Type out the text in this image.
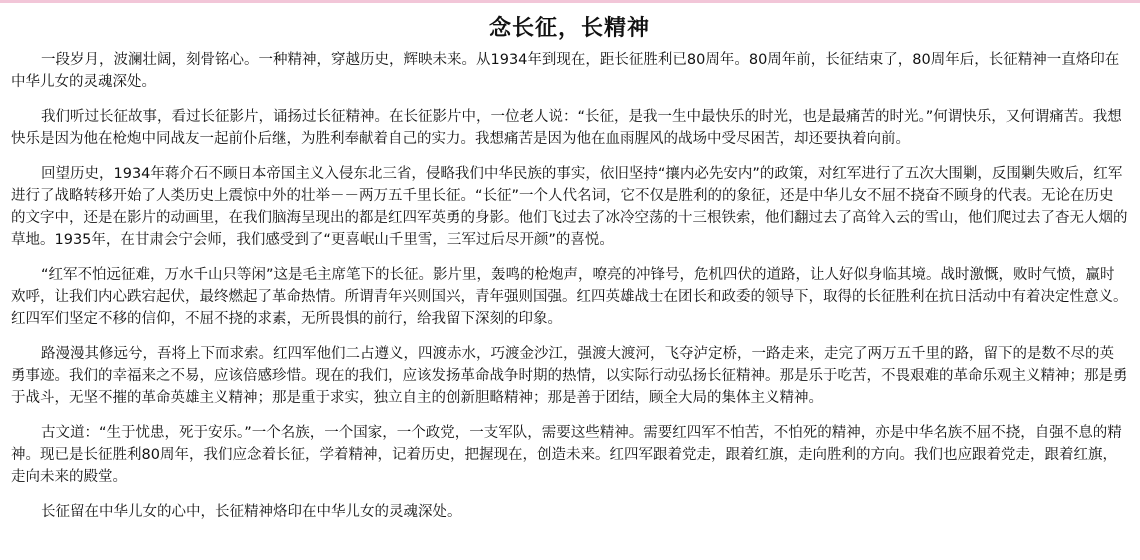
念长征，长精神

一段岁月，波澜壮阔，刻骨铭心。一种精神，穿越历史，辉映未来。从1934年到现在，距长征胜利已80周年。80周年前，长征结束了，80周年后，长征精神一直烙印在中华儿女的灵魂深处。

我们听过长征故事，看过长征影片，诵扬过长征精神。在长征影片中，一位老人说：“长征，是我一生中最快乐的时光，也是最痛苦的时光。”何谓快乐，又何谓痛苦。我想快乐是因为他在枪炮中同战友一起前仆后继，为胜利奉献着自己的实力。我想痛苦是因为他在血雨腥风的战场中受尽困苦，却还要执着向前。

回望历史，1934年蒋介石不顾日本帝国主义入侵东北三省，侵略我们中华民族的事实，依旧坚持“攘内必先安内”的政策，对红军进行了五次大围剿，反围剿失败后，红军进行了战略转移开始了人类历史上震惊中外的壮举－－两万五千里长征。“长征”一个人代名词，它不仅是胜利的的象征，还是中华儿女不屈不挠奋不顾身的代表。无论在历史的文字中，还是在影片的动画里，在我们脑海呈现出的都是红四军英勇的身影。他们飞过去了冰冷空荡的十三根铁索，他们翻过去了高耸入云的雪山，他们爬过去了杳无人烟的草地。1935年，在甘肃会宁会师，我们感受到了“更喜岷山千里雪，三军过后尽开颜”的喜悦。

“红军不怕远征难，万水千山只等闲”这是毛主席笔下的长征。影片里，轰鸣的枪炮声，嘹亮的冲锋号，危机四伏的道路，让人好似身临其境。战时激慨，败时气愤，赢时欢呼，让我们内心跌宕起伏，最终燃起了革命热情。所谓青年兴则国兴，青年强则国强。红四英雄战士在团长和政委的领导下，取得的长征胜利在抗日活动中有着决定性意义。红四军们坚定不移的信仰，不屈不挠的求素，无所畏惧的前行，给我留下深刻的印象。

路漫漫其修远兮，吾将上下而求索。红四军他们二占遵义，四渡赤水，巧渡金沙江，强渡大渡河，飞夺泸定桥，一路走来，走完了两万五千里的路，留下的是数不尽的英勇事迹。我们的幸福来之不易，应该倍感珍惜。现在的我们，应该发扬革命战争时期的热情，以实际行动弘扬长征精神。那是乐于吃苦，不畏艰难的革命乐观主义精神；那是勇于战斗，无坚不摧的革命英雄主义精神；那是重于求实，独立自主的创新胆略精神；那是善于团结，顾全大局的集体主义精神。

古文道：“生于忧患，死于安乐。”一个名族，一个国家，一个政党，一支军队，需要这些精神。需要红四军不怕苦，不怕死的精神，亦是中华名族不屈不挠，自强不息的精神。现已是长征胜利80周年，我们应念着长征，学着精神，记着历史，把握现在，创造未来。红四军跟着党走，跟着红旗，走向胜利的方向。我们也应跟着党走，跟着红旗，走向未来的殿堂。

长征留在中华儿女的心中，长征精神烙印在中华儿女的灵魂深处。
